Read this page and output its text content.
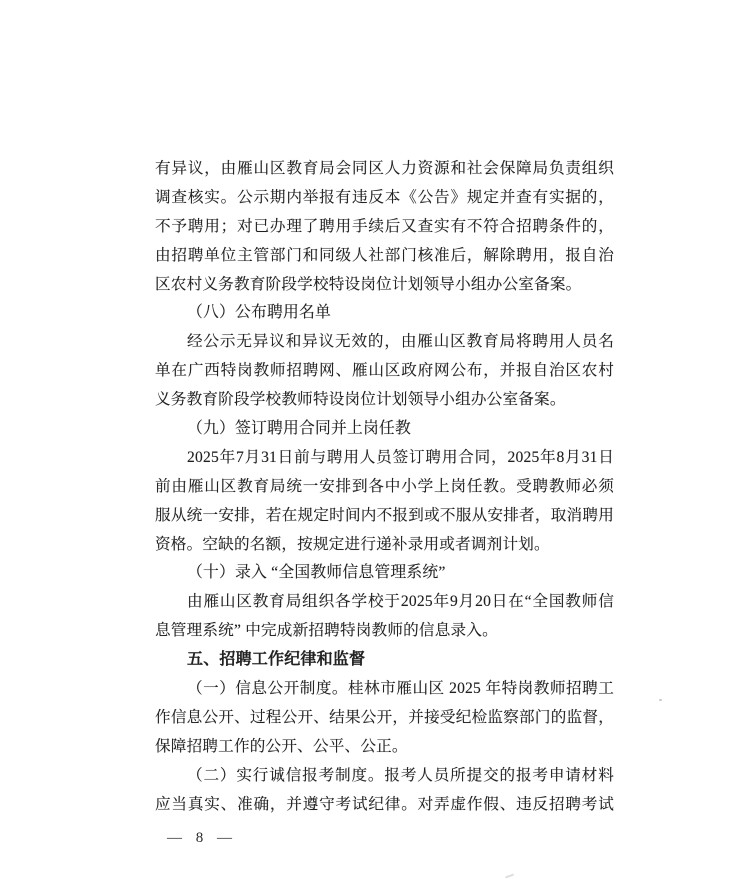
有异议，由雁山区教育局会同区人力资源和社会保障局负责组织
调查核实。公示期内举报有违反本《公告》规定并查有实据的，
不予聘用；对已办理了聘用手续后又查实有不符合招聘条件的，
由招聘单位主管部门和同级人社部门核准后，解除聘用，报自治
区农村义务教育阶段学校特设岗位计划领导小组办公室备案。
（八）公布聘用名单
经公示无异议和异议无效的，由雁山区教育局将聘用人员名
单在广西特岗教师招聘网、雁山区政府网公布，并报自治区农村
义务教育阶段学校教师特设岗位计划领导小组办公室备案。
（九）签订聘用合同并上岗任教
2025年7月31日前与聘用人员签订聘用合同，2025年8月31日
前由雁山区教育局统一安排到各中小学上岗任教。受聘教师必须
服从统一安排，若在规定时间内不报到或不服从安排者，取消聘用
资格。空缺的名额，按规定进行递补录用或者调剂计划。
（十）录入 “全国教师信息管理系统”
由雁山区教育局组织各学校于2025年9月20日在“全国教师信
息管理系统” 中完成新招聘特岗教师的信息录入。
五、招聘工作纪律和监督
（一）信息公开制度。桂林市雁山区 2025 年特岗教师招聘工
作信息公开、过程公开、结果公开，并接受纪检监察部门的监督，
保障招聘工作的公开、公平、公正。
（二）实行诚信报考制度。报考人员所提交的报考申请材料
应当真实、准确，并遵守考试纪律。对弄虚作假、违反招聘考试
— 8 —
